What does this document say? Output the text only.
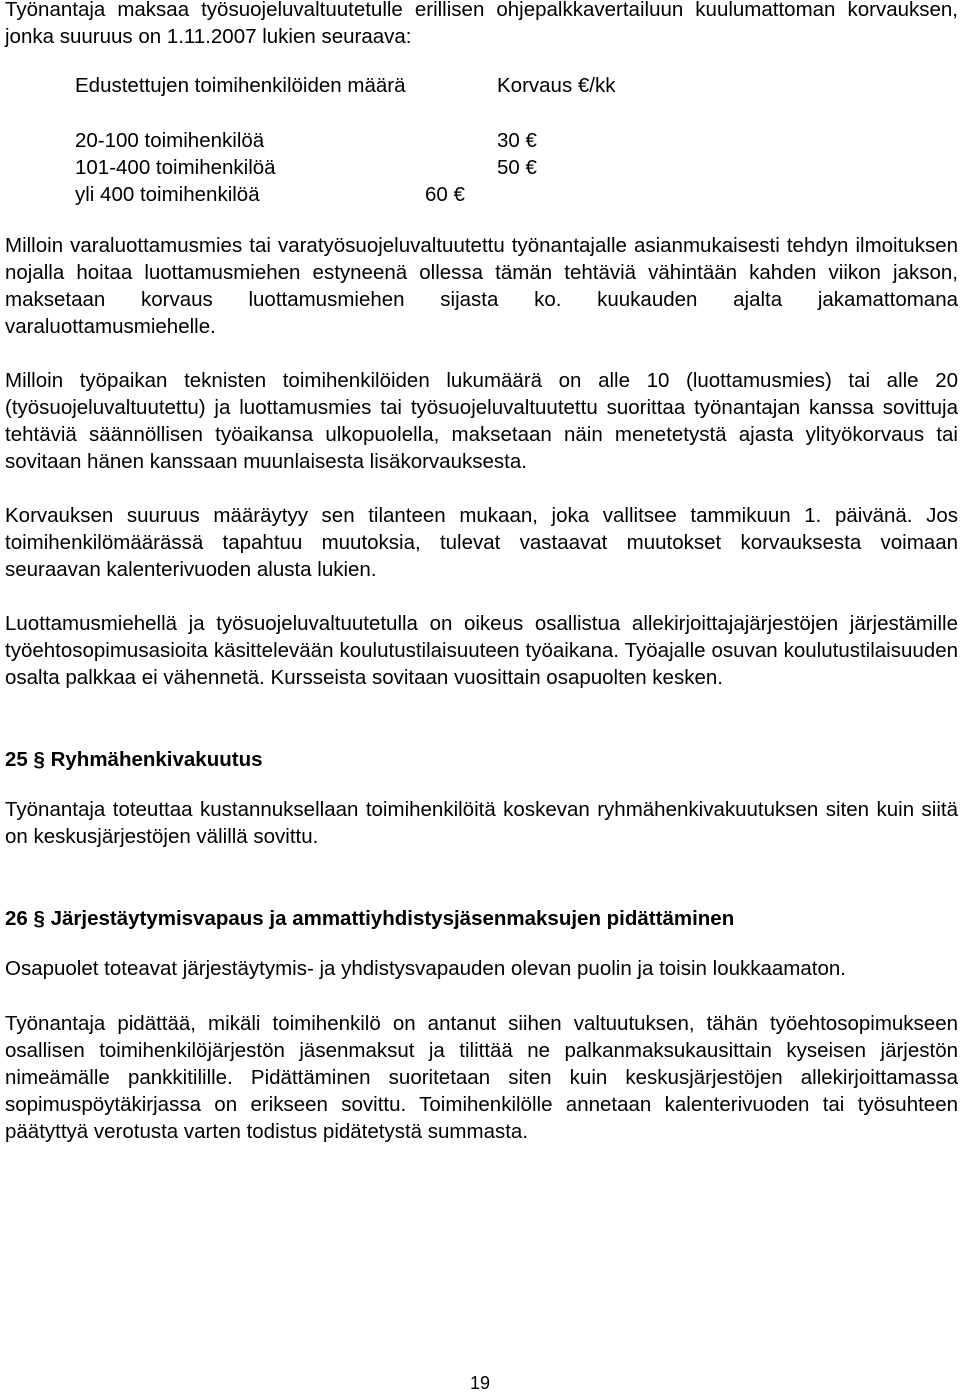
Työnantaja maksaa työsuojeluvaltuutetulle erillisen ohjepalkkavertailuun kuulumattoman korvauksen, jonka suuruus on 1.11.2007 lukien seuraava:

Edustettujen toimihenkilöiden määrä	Korvaus €/kk
20-100 toimihenkilöä	30 €
101-400 toimihenkilöä	50 €
yli 400 toimihenkilöä	60 €

Milloin varaluottamusmies tai varatyösuojeluvaltuutettu työnantajalle asianmukaisesti tehdyn ilmoituksen nojalla hoitaa luottamusmiehen estyneenä ollessa tämän tehtäviä vähintään kahden viikon jakson, maksetaan korvaus luottamusmiehen sijasta ko. kuukauden ajalta jakamattomana varaluottamusmiehelle.

Milloin työpaikan teknisten toimihenkilöiden lukumäärä on alle 10 (luottamusmies) tai alle 20 (työsuojeluvaltuutettu) ja luottamusmies tai työsuojeluvaltuutettu suorittaa työnantajan kanssa sovittuja tehtäviä säännöllisen työaikansa ulkopuolella, maksetaan näin menetetystä ajasta ylityökorvaus tai sovitaan hänen kanssaan muunlaisesta lisäkorvauksesta.

Korvauksen suuruus määräytyy sen tilanteen mukaan, joka vallitsee tammikuun 1. päivänä. Jos toimihenkilömäärässä tapahtuu muutoksia, tulevat vastaavat muutokset korvauksesta voimaan seuraavan kalenterivuoden alusta lukien.

Luottamusmiehellä ja työsuojeluvaltuutetulla on oikeus osallistua allekirjoittajajärjestöjen järjestämille työehtosopimusasioita käsittelevään koulutustilaisuuteen työaikana. Työajalle osuvan koulutustilaisuuden osalta palkkaa ei vähennetä. Kursseista sovitaan vuosittain osapuolten kesken.

25 § Ryhmähenkivakuutus

Työnantaja toteuttaa kustannuksellaan toimihenkilöitä koskevan ryhmähenkivakuutuksen siten kuin siitä on keskusjärjestöjen välillä sovittu.

26 § Järjestäytymisvapaus ja ammattiyhdistysjäsenmaksujen pidättäminen

Osapuolet toteavat järjestäytymis- ja yhdistysvapauden olevan puolin ja toisin loukkaamaton.

Työnantaja pidättää, mikäli toimihenkilö on antanut siihen valtuutuksen, tähän työehtosopimukseen osallisen toimihenkilöjärjestön jäsenmaksut ja tilittää ne palkanmaksukausittain kyseisen järjestön nimeämälle pankkitilille. Pidättäminen suoritetaan siten kuin keskusjärjestöjen allekirjoittamassa sopimuspöytäkirjassa on erikseen sovittu. Toimihenkilölle annetaan kalenterivuoden tai työsuhteen päätyttyä verotusta varten todistus pidätetystä summasta.

19
